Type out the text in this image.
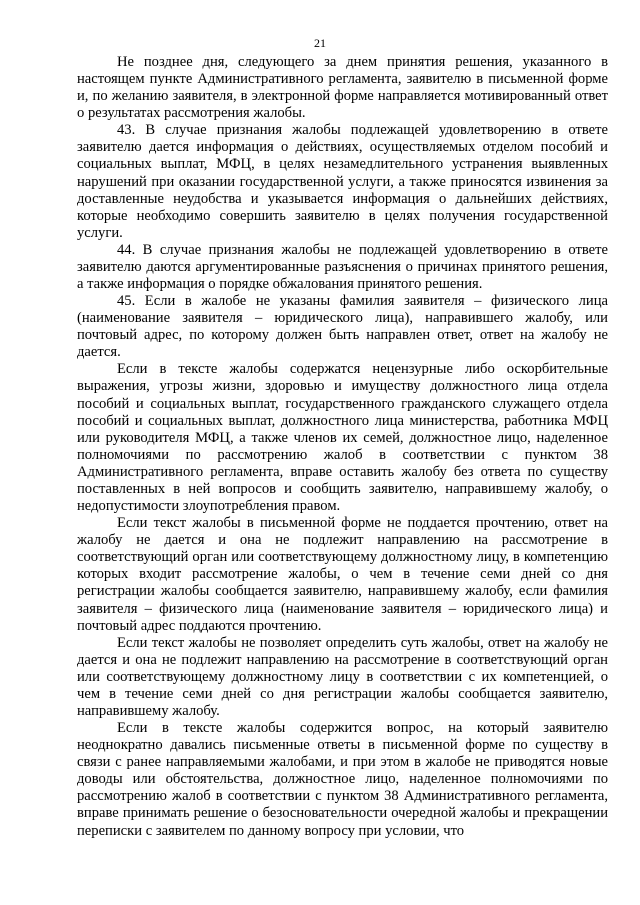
21

Не позднее дня, следующего за днем принятия решения, указанного в настоящем пункте Административного регламента, заявителю в письменной форме и, по желанию заявителя, в электронной форме направляется мотивированный ответ о результатах рассмотрения жалобы.

43. В случае признания жалобы подлежащей удовлетворению в ответе заявителю дается информация о действиях, осуществляемых отделом пособий и социальных выплат, МФЦ, в целях незамедлительного устранения выявленных нарушений при оказании государственной услуги, а также приносятся извинения за доставленные неудобства и указывается информация о дальнейших действиях, которые необходимо совершить заявителю в целях получения государственной услуги.

44. В случае признания жалобы не подлежащей удовлетворению в ответе заявителю даются аргументированные разъяснения о причинах принятого решения, а также информация о порядке обжалования принятого решения.

45. Если в жалобе не указаны фамилия заявителя – физического лица (наименование заявителя – юридического лица), направившего жалобу, или почтовый адрес, по которому должен быть направлен ответ, ответ на жалобу не дается.

Если в тексте жалобы содержатся нецензурные либо оскорбительные выражения, угрозы жизни, здоровью и имуществу должностного лица отдела пособий и социальных выплат, государственного гражданского служащего отдела пособий и социальных выплат, должностного лица министерства, работника МФЦ или руководителя МФЦ, а также членов их семей, должностное лицо, наделенное полномочиями по рассмотрению жалоб в соответствии с пунктом 38 Административного регламента, вправе оставить жалобу без ответа по существу поставленных в ней вопросов и сообщить заявителю, направившему жалобу, о недопустимости злоупотребления правом.

Если текст жалобы в письменной форме не поддается прочтению, ответ на жалобу не дается и она не подлежит направлению на рассмотрение в соответствующий орган или соответствующему должностному лицу, в компетенцию которых входит рассмотрение жалобы, о чем в течение семи дней со дня регистрации жалобы сообщается заявителю, направившему жалобу, если фамилия заявителя – физического лица (наименование заявителя – юридического лица) и почтовый адрес поддаются прочтению.

Если текст жалобы не позволяет определить суть жалобы, ответ на жалобу не дается и она не подлежит направлению на рассмотрение в соответствующий орган или соответствующему должностному лицу в соответствии с их компетенцией, о чем в течение семи дней со дня регистрации жалобы сообщается заявителю, направившему жалобу.

Если в тексте жалобы содержится вопрос, на который заявителю неоднократно давались письменные ответы в письменной форме по существу в связи с ранее направляемыми жалобами, и при этом в жалобе не приводятся новые доводы или обстоятельства, должностное лицо, наделенное полномочиями по рассмотрению жалоб в соответствии с пунктом 38 Административного регламента, вправе принимать решение о безосновательности очередной жалобы и прекращении переписки с заявителем по данному вопросу при условии, что
